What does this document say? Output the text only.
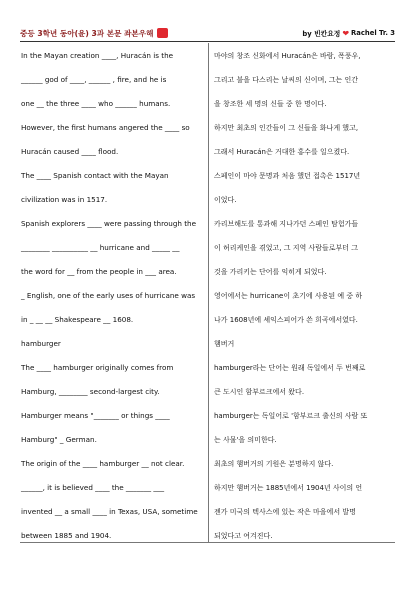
중등 3학년 동아(윤) 3과 본문 좌본우해	by 빈칸요정 ❤ Rachel Tr. 3

In the Mayan creation ____, Huracán is the

______ god of ____, ______ , fire, and he is

one __ the three ____ who ______ humans.

However, the first humans angered the ____ so

Huracán caused ____ flood.

The ____ Spanish contact with the Mayan

civilization was in 1517.

Spanish explorers ____ were passing through the

________ __________ __ hurricane and _____ __

the word for __ from the people in ___ area.

_ English, one of the early uses of hurricane was

in _ __ __ Shakespeare __ 1608.

hamburger

The ____ hamburger originally comes from

Hamburg, ________ second-largest city.

Hamburger means "_______ or things ____

Hamburg" _ German.

The origin of the ____ hamburger __ not clear.

______, it is believed ____ the _______ ___

invented __ a small ____ in Texas, USA, sometime

between 1885 and 1904.

마야의 창조 신화에서 Huracán은 바람, 폭풍우,

그리고 불을 다스리는 날씨의 신이며, 그는 인간

을 창조한 세 명의 신들 중 한 명이다.

하지만 최초의 인간들이 그 신들을 화나게 했고,

그래서 Huracán은 거대한 홍수를 일으켰다.

스페인이 마야 문명과 처음 했던 접촉은 1517년

이었다.

카리브해도를 통과해 지나가던 스페인 탐험가들

이 허리케인을 겪었고, 그 지역 사람들로부터 그

것을 가리키는 단어를 익히게 되었다.

영어에서는 hurricane이 초기에 사용된 예 중 하

나가 1608년에 셰익스피어가 쓴 희곡에서였다.

햄버거

hamburger라는 단어는 원래 독일에서 두 번째로

큰 도시인 함부르크에서 왔다.

hamburger는 독일어로 '함부르크 출신의 사람 또

는 사물'을 의미한다.

최초의 햄버거의 기원은 분명하지 않다.

하지만 햄버거는 1885년에서 1904년 사이의 언

젠가 미국의 텍사스에 있는 작은 마을에서 발명

되었다고 여겨진다.
